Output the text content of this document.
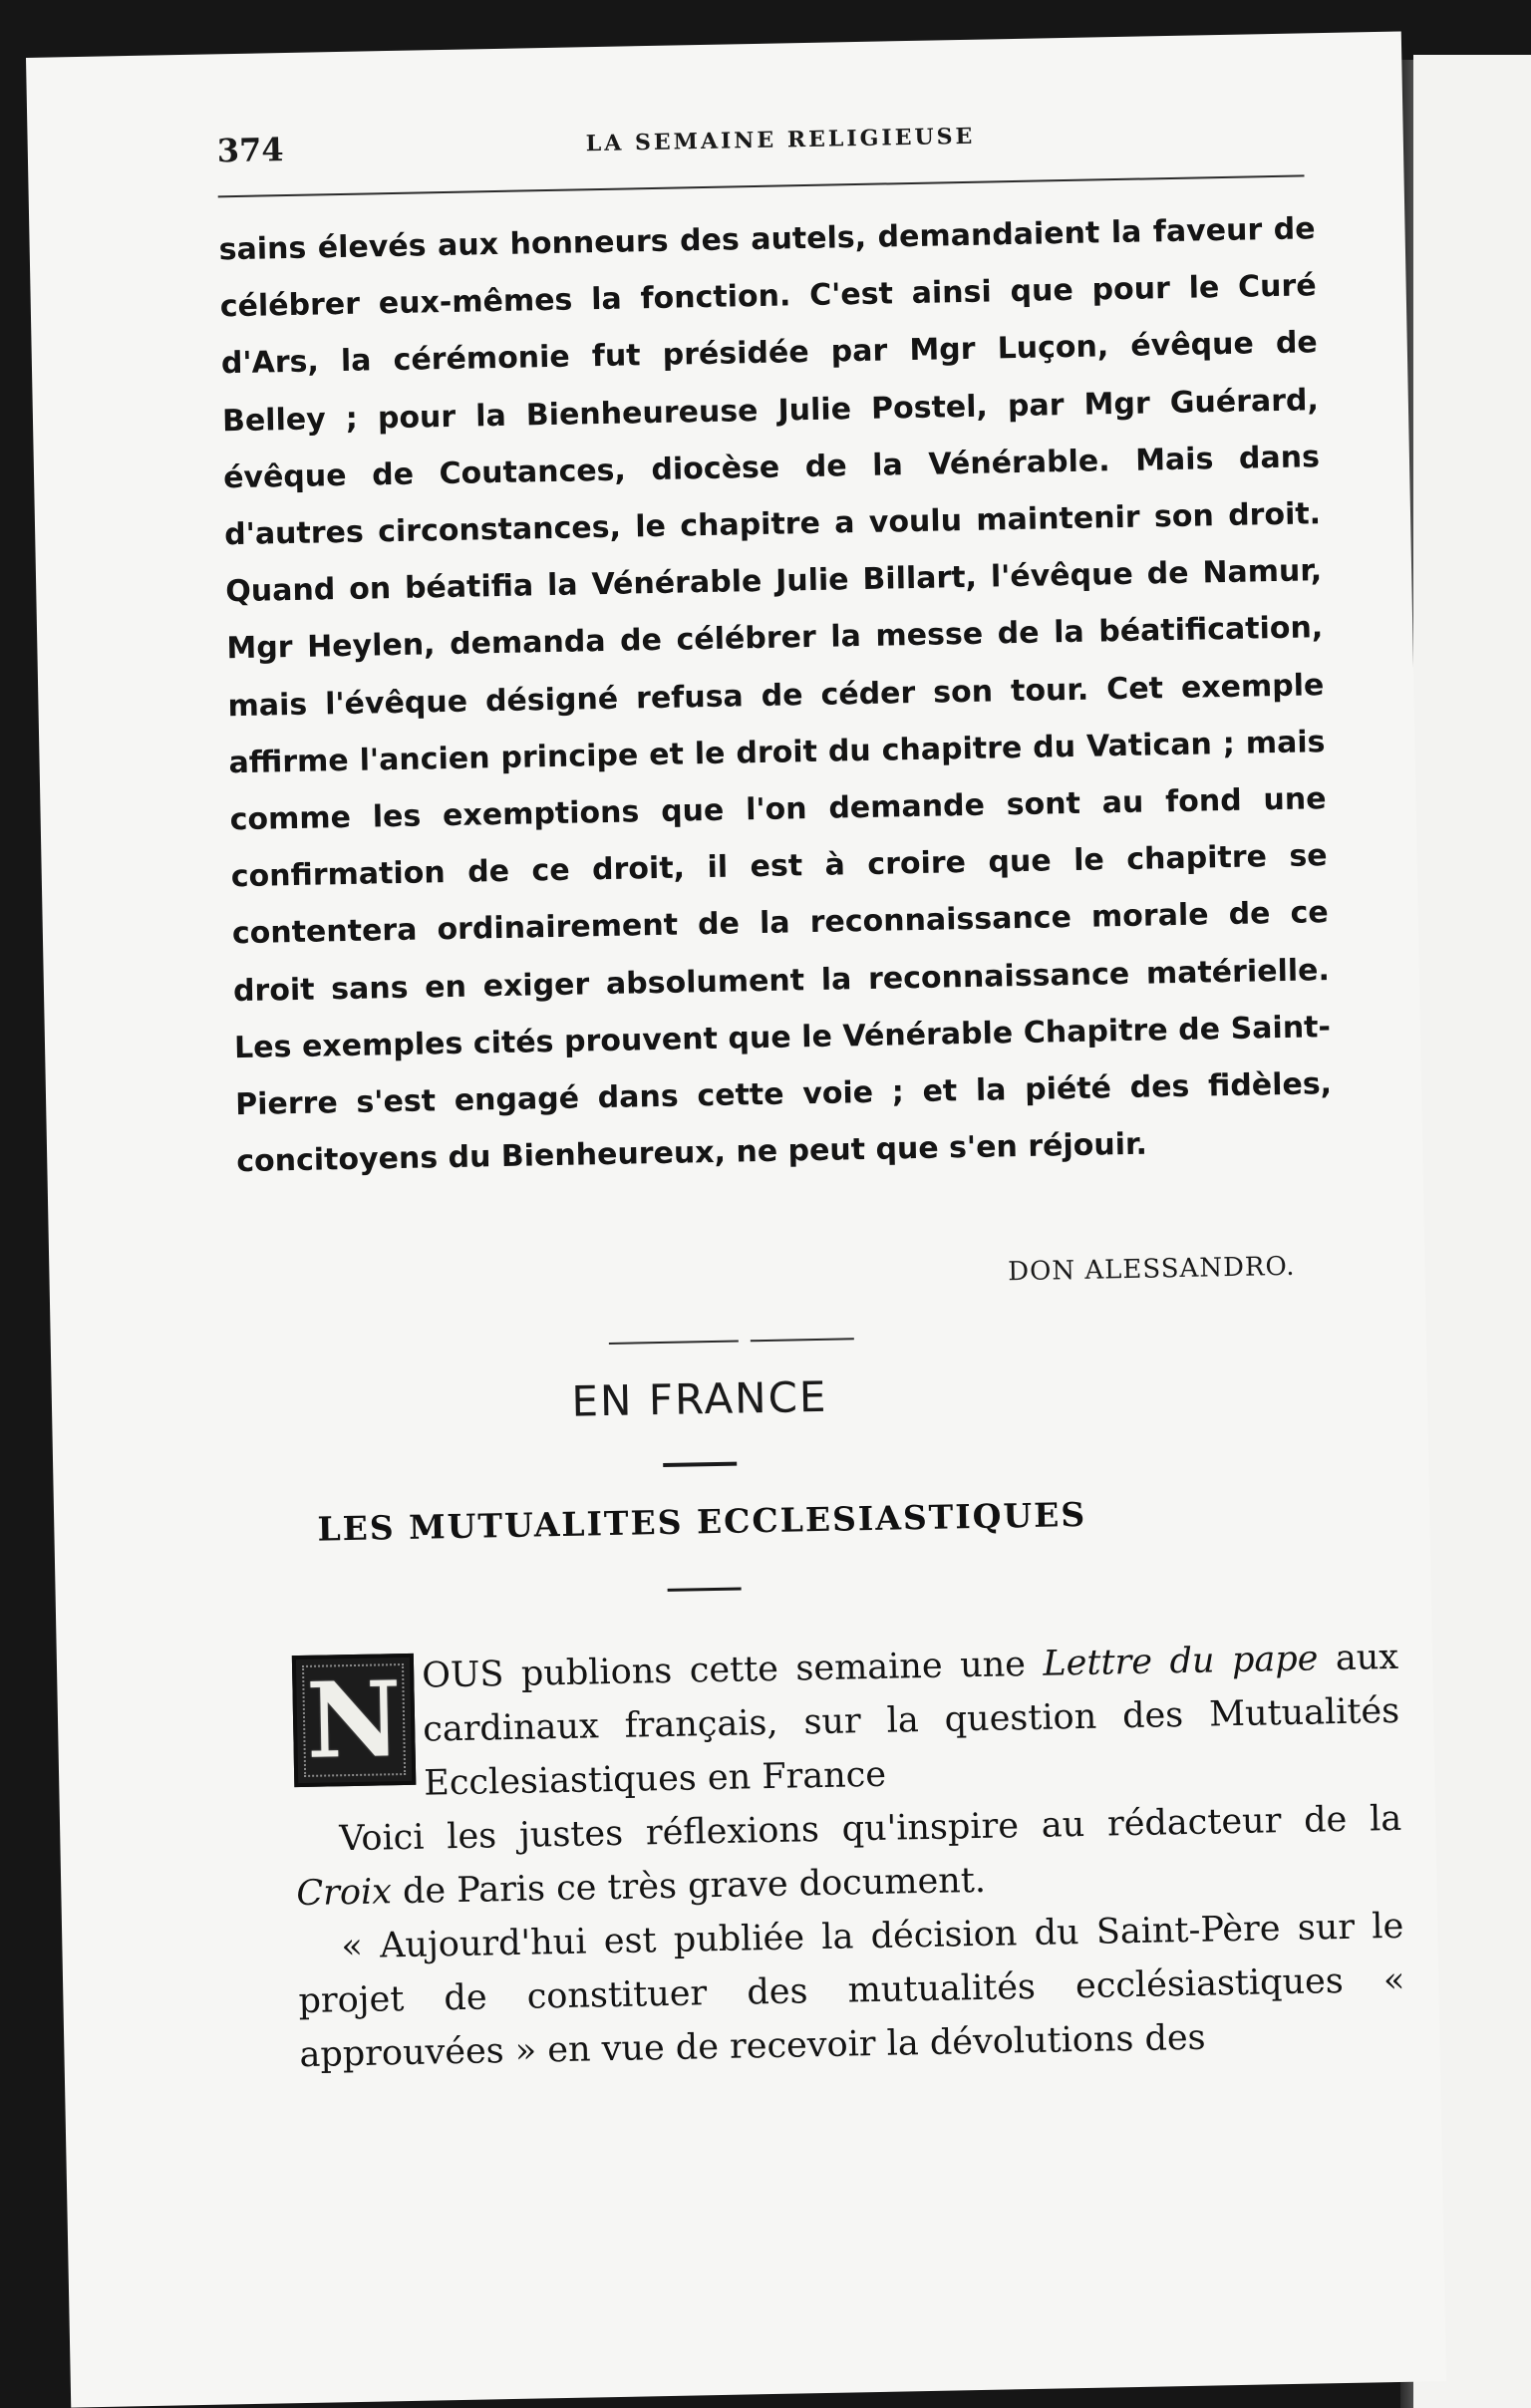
374	LA SEMAINE RELIGIEUSE

sains élevés aux honneurs des autels, demandaient la faveur de célébrer eux-mêmes la fonction. C'est ainsi que pour le Curé d'Ars, la cérémonie fut présidée par Mgr Luçon, évêque de Belley ; pour la Bienheureuse Julie Postel, par Mgr Guérard, évêque de Coutances, diocèse de la Vénérable. Mais dans d'autres circonstances, le chapitre a voulu maintenir son droit. Quand on béatifia la Vénérable Julie Billart, l'évêque de Namur, Mgr Heylen, demanda de célébrer la messe de la béatification, mais l'évêque désigné refusa de céder son tour. Cet exemple affirme l'ancien principe et le droit du chapitre du Vatican ; mais comme les exemptions que l'on demande sont au fond une confirmation de ce droit, il est à croire que le chapitre se contentera ordinairement de la reconnaissance morale de ce droit sans en exiger absolument la reconnaissance matérielle. Les exemples cités prouvent que le Vénérable Chapitre de Saint-Pierre s'est engagé dans cette voie ; et la piété des fidèles, concitoyens du Bienheureux, ne peut que s'en réjouir.

DON ALESSANDRO.
EN FRANCE
LES MUTUALITES ECCLESIASTIQUES
N OUS publions cette semaine une Lettre du pape aux cardinaux français, sur la question des Mutualités Ecclesiastiques en France

Voici les justes réflexions qu'inspire au rédacteur de la Croix de Paris ce très grave document.

« Aujourd'hui est publiée la décision du Saint-Père sur le projet de constituer des mutualités ecclésiastiques « approuvées » en vue de recevoir la dévolutions des
